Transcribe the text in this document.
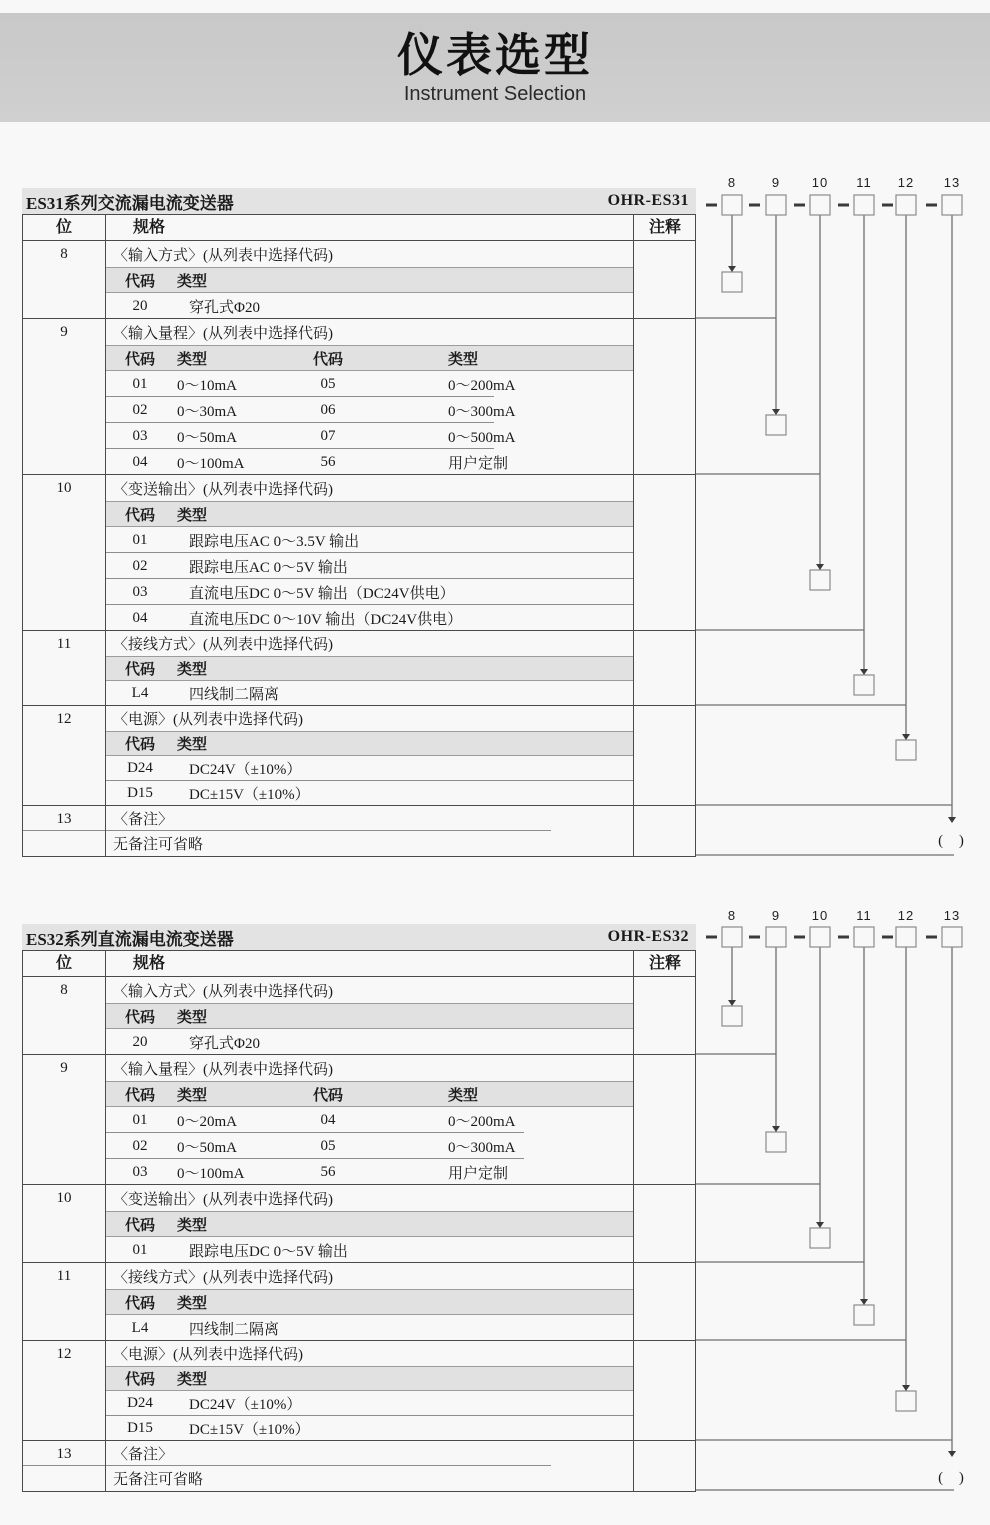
仪表选型
Instrument Selection
ES31系列交流漏电流变送器	OHR-ES31
位	规格	注释
8	〈输入方式〉(从列表中选择代码)
代码	类型
20	穿孔式Φ20
9	〈输入量程〉(从列表中选择代码)
代码	类型	代码	类型
01	0～10mA	05	0～200mA
02	0～30mA	06	0～300mA
03	0～50mA	07	0～500mA
04	0～100mA	56	用户定制
10	〈变送输出〉(从列表中选择代码)
代码	类型
01	跟踪电压AC 0～3.5V 输出
02	跟踪电压AC 0～5V 输出
03	直流电压DC 0～5V 输出（DC24V供电）
04	直流电压DC 0～10V 输出（DC24V供电）
11	〈接线方式〉(从列表中选择代码)
代码	类型
L4	四线制二隔离
12	〈电源〉(从列表中选择代码)
代码	类型
D24	DC24V（±10%）
D15	DC±15V（±10%）
13	〈备注〉
无备注可省略
8	9 10 11 12 13
( )
ES32系列直流漏电流变送器	OHR-ES32
位	规格	注释
8	〈输入方式〉(从列表中选择代码)
代码	类型
20	穿孔式Φ20
9	〈输入量程〉(从列表中选择代码)
代码	类型	代码	类型
01	0～20mA	04	0～200mA
02	0～50mA	05	0～300mA
03	0～100mA	56	用户定制
10	〈变送输出〉(从列表中选择代码)
代码	类型
01	跟踪电压DC 0～5V 输出
11	〈接线方式〉(从列表中选择代码)
代码	类型
L4	四线制二隔离
12	〈电源〉(从列表中选择代码)
代码	类型
D24	DC24V（±10%）
D15	DC±15V（±10%）
13	〈备注〉
无备注可省略
8	9 10 11 12 13
( )
